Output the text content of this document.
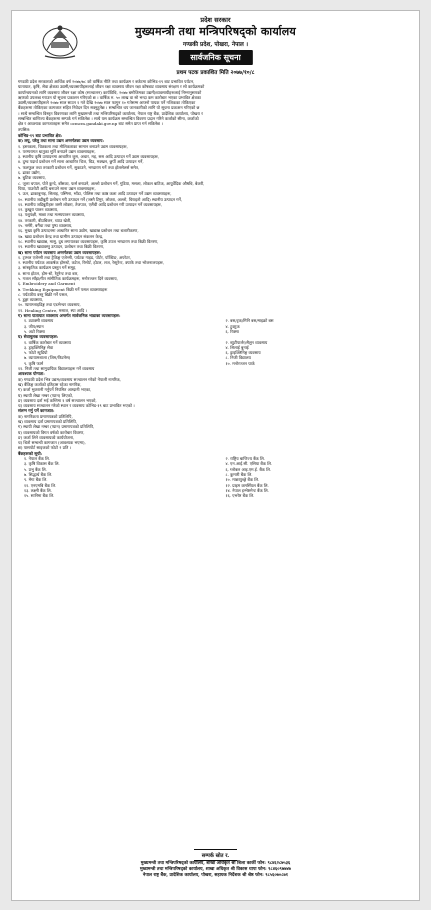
प्रदेश सरकार
मुख्यमन्त्री तथा मन्त्रिपरिषद्को कार्यालय
गण्डकी प्रदेश, पोखरा, नेपाल ।
सार्वजनिक सूचना
प्रथम पटक प्रकाशित मिति २०७७/१०/८
गण्डकी प्रदेश सरकारको आर्थिक वर्ष २०७७/७८ को वार्षिक नीति तथा कार्यक्रम र बजेटमा कोभिड-१९ बाट प्रभावित पर्यटन,
यातायात, कृषि, सेवा क्षेत्रका उद्यमी/व्यवसायीहरूलाई जीवन रक्षा व्यवसाय जीवन रक्षा कोषबाट व्यवसाय संरक्षण र सो कार्यक्रमको
कार्यान्वयनको लागि व्यवसाय जीवन रक्षा कोष (सञ्चालन) कार्यविधि, २०७७ बमोजिमका उद्यमी/व्यवसायीहरूलाई निम्नानुसारको
ऋणको उपलब्ध गराउन यो सूचना प्रकाशन गरिएको छ । वार्षिक रु. ५० लाख वा सो भन्दा कम कारोबार भएका प्रभावित क्षेत्रका
उद्यमी/व्यवसायीहरूले २०७७ साल साउन १ गते देखि २०७७ साल फागुन १० गतेसम्म आफ्नो पायक पर्ने नजिकका तोकिएका
बैंकहरूमा तोकिएका कागजात सहित निवेदन दिन सक्नुहुनेछ । सम्बन्धित थप जानकारीको लागि यो सूचना प्रकाशन गरिएको छ
। साथै सम्बन्धित विस्तृत विवरणका लागि मुख्यमन्त्री तथा मन्त्रिपरिषद्को कार्यालय, नेपाल राष्ट्र बैंक, प्रादेशिक कार्यालय, पोखरा र
सम्बन्धित बाणिज्य बैंकहरूमा सम्पर्क गर्न सकिनेछ । साथै यस कार्यक्रम सम्बन्धित विवरण प्रदान गरिने कर्जाको सीमा, कर्जाको
क्षेत्र र आवश्यक कागजातहरू समेत ocmcm.gandaki.gov.np बाट समेत प्राप्त गर्न सकिनेछ ।
तपसिल:
कोभिड-१९ बाट प्रभावित क्षेत्र:
क) लघु, घरेलु तथा साना उद्यम अन्तर्गतका उद्यम व्यवसाय:
१. हस्तकला, चित्रकला तथा मौलिकताका सामान बनाउने उद्यम व्यवसायहरू,
२. परम्परागत धातुका मूर्ति बनाउने उद्यम व्यवसायहरू,
३. स्थानीय कृषि उत्पादनमा आधारित जुस, अचार, मह, सस आदि उत्पादन गर्ने उद्यम व्यवसायहरू,
४. दुग्ध पदार्थ प्रशोधन गर्ने साना आधारित चिज, घिउ, मक्खन, छुर्पी आदि उत्पादन गर्ने,
५. फलफुल तथा तरकारी प्रशोधन गर्ने, सुकाउने, भण्डारण गर्ने तथा होलसेलर्स समेत,
६. ढाका उद्योग,
७. बुटिक व्यवसाय,
८. जुत्ता चप्पल, पोते कुन्दे, बाँसका, फर्स बनाउने, अल्लो प्रशोधन गर्ने, गुडिया, मसला, लोकल बाटिक, आयुर्वेदिक औषधि, बेकरी,
चिया, पाउरोटी आदि बनाउने साना उद्यम व्यवसायहरू,
९. ऊन, ढाकाबुनाइ, सिलाइ, पस्मिना, भाँडा, पोलिस तथा काष्ठ कला आदि उत्पादन गर्ने उद्यम व्यवसायहरू,
१०. स्थानीय जडीबुटी प्रशोधन गरी उत्पादन गर्ने (जस्तै टिमुर, लोक्ता, अल्लो, चिराइतो आदि) स्थानीय उत्पादन गर्ने,
११. स्थानीय जडिबुटीहरू जस्तै लोक्ता, तेजपात, एलैंची आदि प्रशोधन गरी उत्पादन गर्ने व्यवसायहरू,
१२. कुखुरा पालन व्यवसाय,
१३. पशुपंक्षी, माछा तथा मत्स्यपालन व्यवसाय,
१४. तरकारी, बीउबिजन, च्याउ खेती,
१५. नर्सरी, बगैंचा तथा पुष्प व्यवसाय,
१६. मुख्य कृषि उत्पादनमा आधारित साना उद्योग, खाद्यान्न प्रशोधन तथा बजारीकरण,
१७. खाद्य प्रशोधन केन्द्र तथा ग्रामीण उत्पादन संकलन केन्द्र,
१८. स्थानीय खाद्यान्न, मासु, दुध लगायतका व्यवसायहरू, कृषि उपज भण्डारण तथा बिक्री वितरण,
१९. स्थानीय खाद्यवस्तु उत्पादन, प्रशोधन तथा बिक्री वितरण,
ख) साना पर्यटन व्यवसाय अन्तर्गतका उद्यम व्यवसायहरू:
१. ट्राभल एजेन्सी तथा ट्रेकिङ्ग एजेन्सी, पर्यटक गाइड, पोर्टर, र्याफ्टिङ, अपरेटर,
२. स्थानीय पर्यटक आकर्षक होमस्टे, कटेज, रिसोर्ट, होटल, लज, रेस्टुरेन्ट, क्याफे तथा भोजनालयहरू,
३. सांस्कृतिक कार्यक्रम प्रस्तुत गर्ने समूह,
४. साना होटल, होम-स्टे, रेष्टुरेन्ट तथा बार,
५. गजल साँझ/गीत सांगीतिक कार्यक्रमहरू, मनोरञ्जन दिने व्यवसाय,
६. Embroidery and Garment
७. Trekking Equipment बिक्री गर्ने पसल व्यवसायहरू
८. पर्यटकीय वस्तु बिक्री गर्ने पसल,
९. डुङ्गा व्यवसाय,
१०. प्याराग्लाइडिङ्ग तथा एडभेन्चर व्यवसाय,
११. Healing Centre, मसाज, स्पा आदि ।
ग) साना यातायात व्यवसाय अन्तर्गत सार्वजनिक भाडाका व्यवसायहरू:
१. ट्याक्सी व्यवसाय	२. बस/ट्रक/मिनि बस/माइक्रो बस
३. जीप/स्यान	४. टुक्टुक
५. अटो रिक्सा	६. रिक्सा
घ) सेवामूलक व्यवसायहरू:
१. वार्षिक कारोबार गर्ने व्यवसाय	२. ब्युटीपार्लर/सैलुन व्यवसाय
३. ड्राइक्लिनिङ्ग सेवा	४. सिलाई बुनाई
५. फोटो स्टुडियो	६. ड्राइक्लिनिङ्ग व्यवसाय
७. व्यायामशाला (जिम/फिटनेस)	८. निजी विद्यालय
९. कृषि फार्म	१०. मनोरञ्जन पार्क
११. निजी तथा सामुदायिक विद्यालयहरू गर्ने व्यवसाय
आवश्यक योग्यता:
क) गण्डकी प्रदेश भित्र उद्यम/व्यवसाय सञ्चालन गरेको नेपाली नागरिक,
ख) बैंकिङ्ग कर्जाको इतिहास रहेका नागरिक,
ग) कर्जा भुक्तानी गर्नुपर्ने नियमित आम्दानी भएका,
घ) स्थायी लेखा नम्बर (प्यान) लिएको,
ङ) व्यवसाय दर्ता भई कम्तिमा १ वर्ष सञ्चालन भएको,
च) व्यवसाय सञ्चालन गरेको स्थान र व्यवसाय कोभिड-१९ बाट प्रभावित भएको ।
संलग्न गर्नु पर्ने कागजात:
क) नागरिकता प्रमाणपत्रको प्रतिलिपि,
ख) व्यवसाय दर्ता प्रमाणपत्रको प्रतिलिपि,
ग) स्थायी लेखा नम्बर (प्यान) प्रमाणपत्रको प्रतिलिपि,
घ) व्यवसायको विगत वर्षको कारोबार विवरण,
ङ) कर्जा लिने व्यवसायको कार्ययोजना,
च) धितो सम्बन्धी कागजात (आवश्यक भएमा),
छ) पासपोर्ट साइजको फोटो २ प्रति ।
बैंकहरूको सूची:
१. नेपाल बैंक लि.	२. राष्ट्रिय बाणिज्य बैंक लि.
३. कृषि विकास बैंक लि.	४. एन.आई.सी. एसिया बैंक लि.
५. प्रभु बैंक लि.	६. ग्लोबल आइ.एम.ई. बैंक लि.
७. सिद्धार्थ बैंक लि.	८. कुमारी बैंक लि.
९. मेगा बैंक लि.	१०. माछापुच्छ्रे बैंक लि.
११. एनएमबि बैंक लि.	१२. प्राइम कमर्सियल बैंक लि.
१३. लक्ष्मी बैंक लि.	१४. नेपाल इन्भेष्टमेन्ट बैंक लि.
१५. सानिमा बैंक लि.	१६. एभरेष्ट बैंक लि.
सम्पर्क स्रोत र.
मुख्यमन्त्री तथा मन्त्रिपरिषद्को कार्यालय, शाखा अधिकृत श्री शिला कार्की फोन: ९८४६२८७५३६
मुख्यमन्त्री तथा मन्त्रिपरिषद्को कार्यालय, शाखा अधिकृत श्री विकास थापा फोन: ९८४६०९७७४७
नेपाल राष्ट्र बैंक, प्रादेशिक कार्यालय, पोखरा, सहायक निर्देशक श्री श्रेष्ठ फोन: ९८५६०७०८७१
